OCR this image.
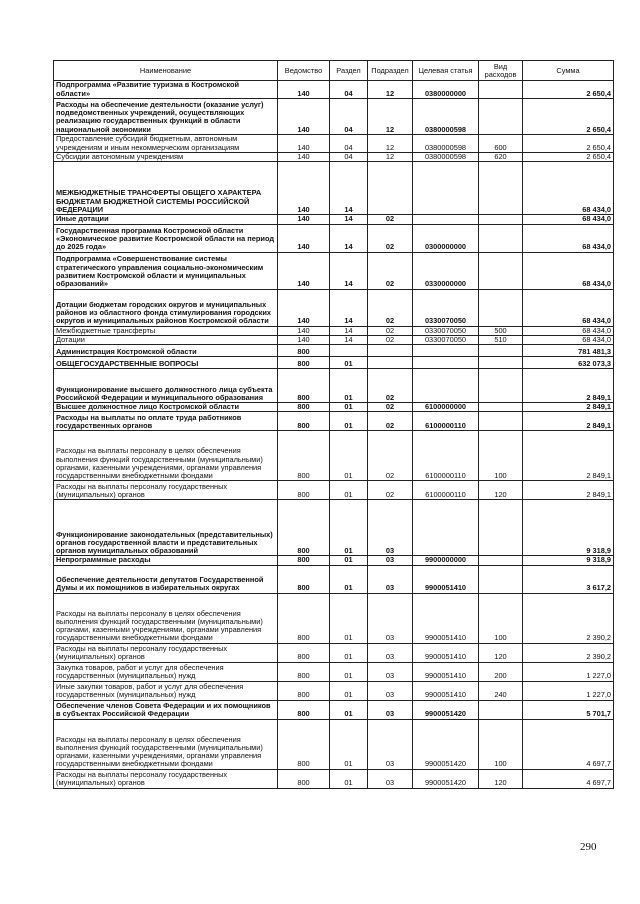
Наименование	Ведомство	Раздел	Подраздел	Целевая статья	Вид расходов	Сумма
Подпрограмма «Развитие туризма в Костромской области»	140	04	12	0380000000		2 650,4
Расходы на обеспечение деятельности (оказание услуг) подведомственных учреждений, осуществляющих реализацию государственных функций в области национальной экономики	140	04	12	0380000598		2 650,4
Предоставление субсидий бюджетным, автономным учреждениям и иным некоммерческим организациям	140	04	12	0380000598	600	2 650,4
Субсидии автономным учреждениям	140	04	12	0380000598	620	2 650,4
МЕЖБЮДЖЕТНЫЕ ТРАНСФЕРТЫ ОБЩЕГО ХАРАКТЕРА БЮДЖЕТАМ БЮДЖЕТНОЙ СИСТЕМЫ РОССИЙСКОЙ ФЕДЕРАЦИИ	140	14				68 434,0
Иные дотации	140	14	02			68 434,0
Государственная программа Костромской области «Экономическое развитие Костромской области на период до 2025 года»	140	14	02	0300000000		68 434,0
Подпрограмма «Совершенствование системы стратегического управления социально-экономическим развитием Костромской области и муниципальных образований»	140	14	02	0330000000		68 434,0
Дотации бюджетам городских округов и муниципальных районов из областного фонда стимулирования городских округов и муниципальных районов Костромской области	140	14	02	0330070050		68 434,0
Межбюджетные трансферты	140	14	02	0330070050	500	68 434,0
Дотации	140	14	02	0330070050	510	68 434,0
Администрация Костромской области	800					781 481,3
ОБЩЕГОСУДАРСТВЕННЫЕ ВОПРОСЫ	800	01				632 073,3
Функционирование высшего должностного лица субъекта Российской Федерации и муниципального образования	800	01	02			2 849,1
Высшее должностное лицо Костромской области	800	01	02	6100000000		2 849,1
Расходы на выплаты по оплате труда работников государственных органов	800	01	02	6100000110		2 849,1
Расходы на выплаты персоналу в целях обеспечения выполнения функций государственными (муниципальными) органами, казенными учреждениями, органами управления государственными внебюджетными фондами	800	01	02	6100000110	100	2 849,1
Расходы на выплаты персоналу государственных (муниципальных) органов	800	01	02	6100000110	120	2 849,1
Функционирование законодательных (представительных) органов государственной власти и представительных органов муниципальных образований	800	01	03			9 318,9
Непрограммные расходы	800	01	03	9900000000		9 318,9
Обеспечение деятельности депутатов Государственной Думы и их помощников в избирательных округах	800	01	03	9900051410		3 617,2
Расходы на выплаты персоналу в целях обеспечения выполнения функций государственными (муниципальными) органами, казенными учреждениями, органами управления государственными внебюджетными фондами	800	01	03	9900051410	100	2 390,2
Расходы на выплаты персоналу государственных (муниципальных) органов	800	01	03	9900051410	120	2 390,2
Закупка товаров, работ и услуг для обеспечения государственных (муниципальных) нужд	800	01	03	9900051410	200	1 227,0
Иные закупки товаров, работ и услуг для обеспечения государственных (муниципальных) нужд	800	01	03	9900051410	240	1 227,0
Обеспечение членов Совета Федерации и их помощников в субъектах Российской Федерации	800	01	03	9900051420		5 701,7
Расходы на выплаты персоналу в целях обеспечения выполнения функций государственными (муниципальными) органами, казенными учреждениями, органами управления государственными внебюджетными фондами	800	01	03	9900051420	100	4 697,7
Расходы на выплаты персоналу государственных (муниципальных) органов	800	01	03	9900051420	120	4 697,7
290
